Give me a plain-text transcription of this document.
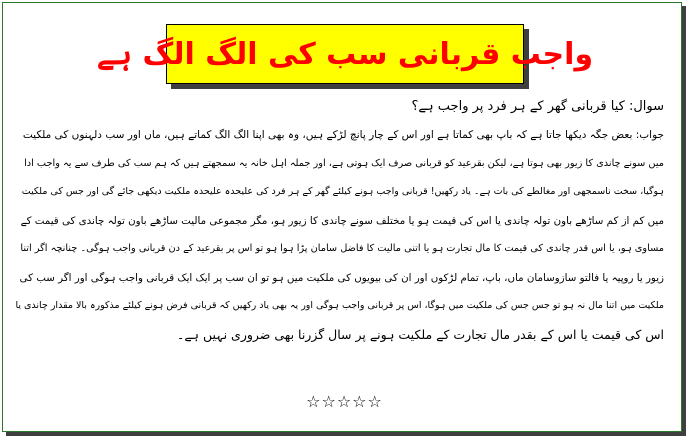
واجب قربانی سب کی الگ الگ ہے
سوال: کیا قربانی گھر کے ہر فرد پر واجب ہے؟
جواب: بعض جگہ دیکھا جاتا ہے کہ باپ بھی کماتا ہے اور اس کے چار پانچ لڑکے ہیں، وہ بھی اپنا الگ الگ کماتے ہیں، ماں اور سب دلہنوں کی ملکیت
میں سونے چاندی کا زیور بھی ہوتا ہے، لیکن بقرعید کو قربانی صرف ایک ہوتی ہے، اور جملہ اہل خانہ یہ سمجھتے ہیں کہ ہم سب کی طرف سے یہ واجب ادا
ہوگیا، سخت ناسمجھی اور مغالطے کی بات ہے۔ یاد رکھیں! قربانی واجب ہونے کیلئے گھر کے ہر فرد کی علیحدہ علیحدہ ملکیت دیکھی جائے گی اور جس کی ملکیت
میں کم از کم ساڑھے باون تولہ چاندی یا اس کی قیمت ہو یا مختلف سونے چاندی کا زیور ہو، مگر مجموعی مالیت ساڑھے باون تولہ چاندی کی قیمت کے
مساوی ہو، یا اس قدر چاندی کی قیمت کا مال تجارت ہو یا اتنی مالیت کا فاضل سامان پڑا ہوا ہو تو اس پر بقرعید کے دن قربانی واجب ہوگی۔ چنانچہ اگر اتنا
زیور یا روپیہ یا فالتو سازوسامان ماں، باپ، تمام لڑکوں اور ان کی بیویوں کی ملکیت میں ہو تو ان سب پر ایک ایک قربانی واجب ہوگی اور اگر سب کی
ملکیت میں اتنا مال نہ ہو تو جس جس کی ملکیت میں ہوگا، اس پر قربانی واجب ہوگی اور یہ بھی یاد رکھیں کہ قربانی فرض ہونے کیلئے مذکورہ بالا مقدار چاندی یا
اس کی قیمت یا اس کے بقدر مال تجارت کے ملکیت ہونے پر سال گزرنا بھی ضروری نہیں ہے۔
☆☆☆☆☆
